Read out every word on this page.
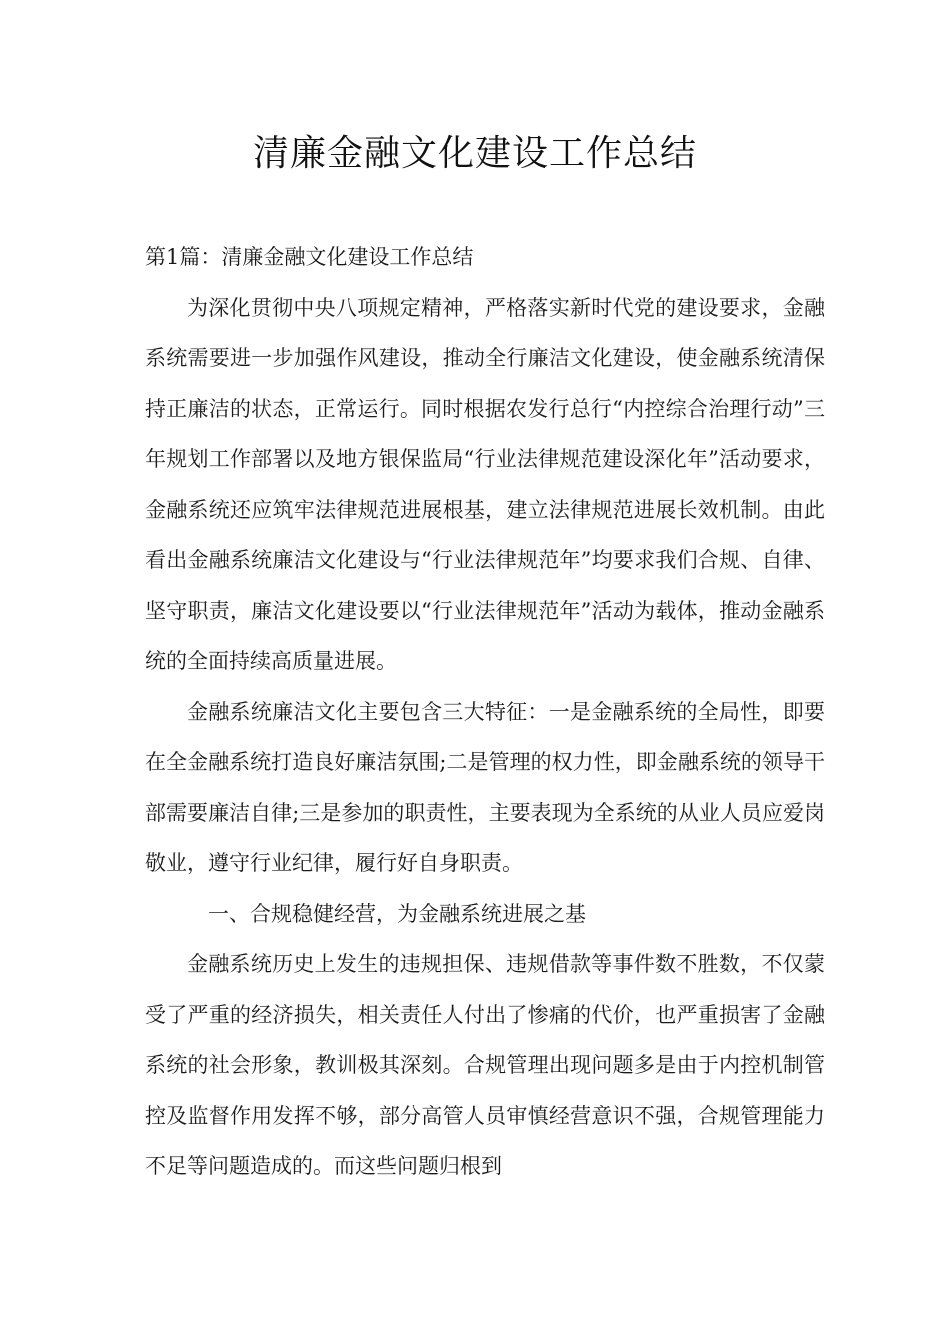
清廉金融文化建设工作总结

第1篇：清廉金融文化建设工作总结

为深化贯彻中央八项规定精神，严格落实新时代党的建设要求，金融系统需要进一步加强作风建设，推动全行廉洁文化建设，使金融系统清保持正廉洁的状态，正常运行。同时根据农发行总行“内控综合治理行动”三年规划工作部署以及地方银保监局“行业法律规范建设深化年”活动要求，金融系统还应筑牢法律规范进展根基，建立法律规范进展长效机制。由此看出金融系统廉洁文化建设与“行业法律规范年”均要求我们合规、自律、坚守职责，廉洁文化建设要以“行业法律规范年”活动为载体，推动金融系统的全面持续高质量进展。

金融系统廉洁文化主要包含三大特征：一是金融系统的全局性，即要在全金融系统打造良好廉洁氛围;二是管理的权力性，即金融系统的领导干部需要廉洁自律;三是参加的职责性，主要表现为全系统的从业人员应爱岗敬业，遵守行业纪律，履行好自身职责。

一、合规稳健经营，为金融系统进展之基

金融系统历史上发生的违规担保、违规借款等事件数不胜数，不仅蒙受了严重的经济损失，相关责任人付出了惨痛的代价，也严重损害了金融系统的社会形象，教训极其深刻。合规管理出现问题多是由于内控机制管控及监督作用发挥不够，部分高管人员审慎经营意识不强，合规管理能力不足等问题造成的。而这些问题归根到
